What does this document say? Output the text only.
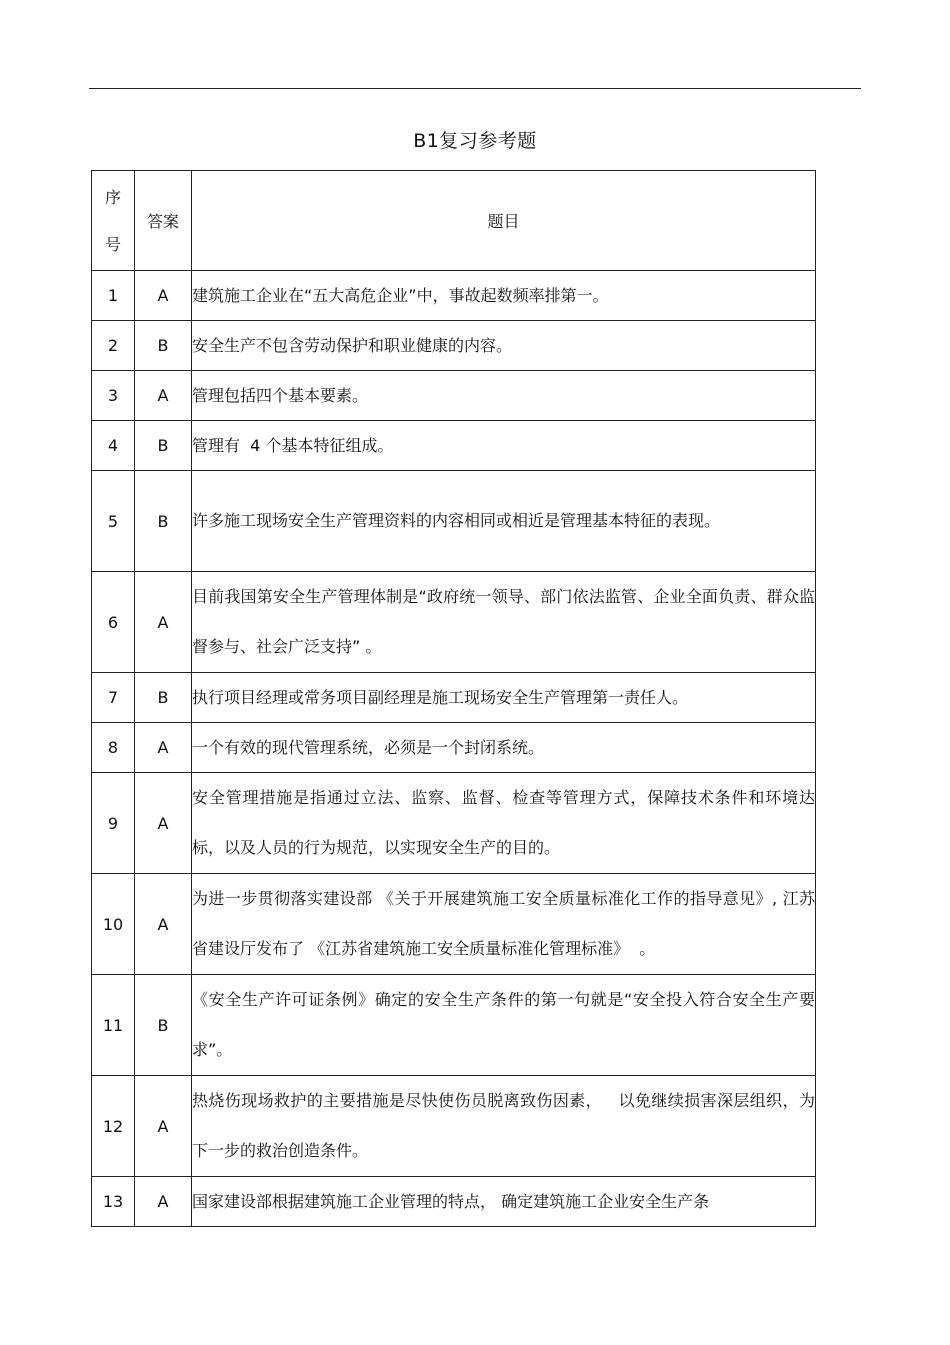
B1复习参考题
序
号	答案	题目
1	A	建筑施工企业在“五大高危企业”中，事故起数频率排第一。
2	B	安全生产不包含劳动保护和职业健康的内容。
3	A	管理包括四个基本要素。
4	B	管理有  4 个基本特征组成。
5	B	许多施工现场安全生产管理资料的内容相同或相近是管理基本特征的表现。
6	A	目前我国第安全生产管理体制是“政府统一领导、部门依法监管、企业全面负责、群众监督参与、社会广泛支持” 。
7	B	执行项目经理或常务项目副经理是施工现场安全生产管理第一责任人。
8	A	一个有效的现代管理系统，必须是一个封闭系统。
9	A	安全管理措施是指通过立法、监察、监督、检查等管理方式，保障技术条件和环境达标，以及人员的行为规范，以实现安全生产的目的。
10	A	为进一步贯彻落实建设部 《关于开展建筑施工安全质量标准化工作的指导意见》, 江苏省建设厅发布了 《江苏省建筑施工安全质量标准化管理标准》  。
11	B	《安全生产许可证条例》确定的安全生产条件的第一句就是“安全投入符合安全生产要求”。
12	A	热烧伤现场救护的主要措施是尽快使伤员脱离致伤因素，   以免继续损害深层组织，为下一步的救治创造条件。
13	A	国家建设部根据建筑施工企业管理的特点， 确定建筑施工企业安全生产条
